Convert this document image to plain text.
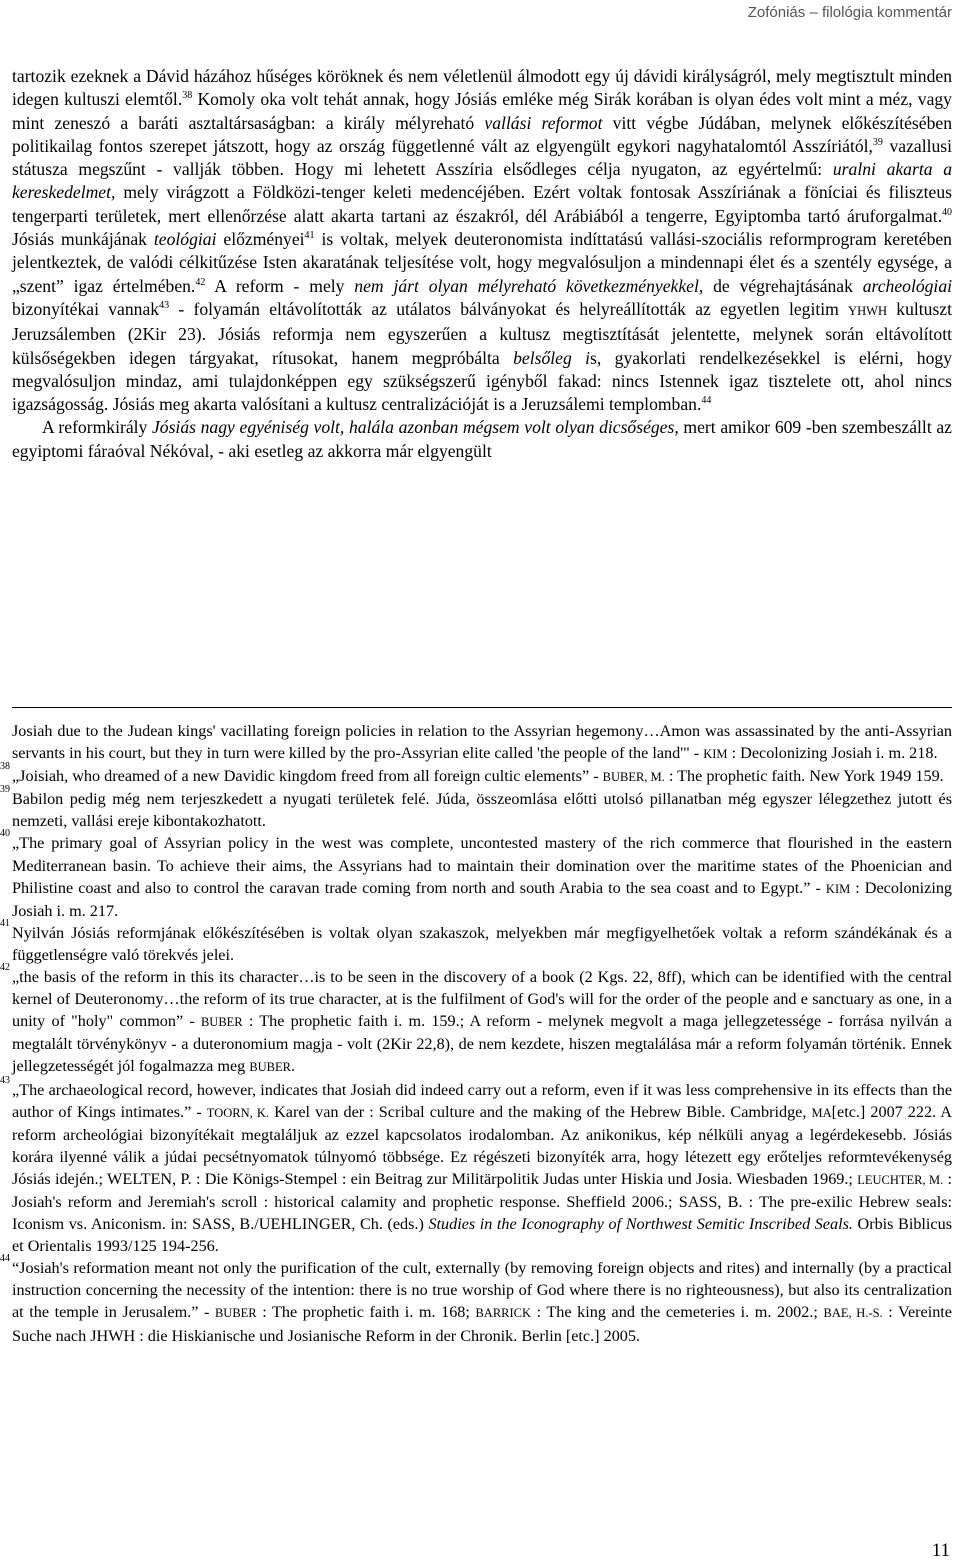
Zofóniás – filológia kommentár

tartozik ezeknek a Dávid házához hűséges köröknek és nem véletlenül álmodott egy új dávidi királyságról, mely megtisztult minden idegen kultuszi elemtől.$^{38}$ Komoly oka volt tehát annak, hogy Jósiás emléke még Sirák korában is olyan édes volt mint a méz, vagy mint zeneszó a baráti asztaltársaságban: a király mélyreható vallási reformot vitt végbe Júdában, melynek előkészítésében politikailag fontos szerepet játszott, hogy az ország függetlenné vált az elgyengült egykori nagyhatalomtól Asszíriától,$^{39}$ vazallusi státusza megszűnt - vallják többen. Hogy mi lehetett Asszíria elsődleges célja nyugaton, az egyértelmű: uralni akarta a kereskedelmet, mely virágzott a Földközi-tenger keleti medencéjében. Ezért voltak fontosak Asszíriának a föníciai és filiszteus tengerparti területek, mert ellenőrzése alatt akarta tartani az északról, dél Arábiából a tengerre, Egyiptomba tartó áruforgalmat.$^{40}$ Jósiás munkájának teológiai előzményei$^{41}$ is voltak, melyek deuteronomista indíttatású vallási-szociális reformprogram keretében jelentkeztek, de valódi célkitűzése Isten akaratának teljesítése volt, hogy megvalósuljon a mindennapi élet és a szentély egysége, a „szent” igaz értelmében.$^{42}$ A reform - mely nem járt olyan mélyreható következményekkel, de végrehajtásának archeológiai bizonyítékai vannak$^{43}$ - folyamán eltávolították az utálatos bálványokat és helyreállították az egyetlen legitim YHWH kultuszt Jeruzsálemben (2Kir 23). Jósiás reformja nem egyszerűen a kultusz megtisztítását jelentette, melynek során eltávolított külsőségekben idegen tárgyakat, rítusokat, hanem megpróbálta belsőleg is, gyakorlati rendelkezésekkel is elérni, hogy megvalósuljon mindaz, ami tulajdonképpen egy szükségszerű igényből fakad: nincs Istennek igaz tisztelete ott, ahol nincs igazságosság. Jósiás meg akarta valósítani a kultusz centralizációját is a Jeruzsálemi templomban.$^{44}$

A reformkirály Jósiás nagy egyéniség volt, halála azonban mégsem volt olyan dicsőséges, mert amikor 609 -ben szembeszállt az egyiptomi fáraóval Nékóval, - aki esetleg az akkorra már elgyengült

Josiah due to the Judean kings' vacillating foreign policies in relation to the Assyrian hegemony…Amon was assassinated by the anti-Assyrian servants in his court, but they in turn were killed by the pro-Assyrian elite called 'the people of the land'" - KIM : Decolonizing Josiah i. m. 218.

38
„Joisiah, who dreamed of a new Davidic kingdom freed from all foreign cultic elements” - BUBER, M. : The prophetic faith. New York 1949 159.

39
Babilon pedig még nem terjeszkedett a nyugati területek felé. Júda, összeomlása előtti utolsó pillanatban még egyszer lélegzethez jutott és nemzeti, vallási ereje kibontakozhatott.

40
„The primary goal of Assyrian policy in the west was complete, uncontested mastery of the rich commerce that flourished in the eastern Mediterranean basin. To achieve their aims, the Assyrians had to maintain their domination over the maritime states of the Phoenician and Philistine coast and also to control the caravan trade coming from north and south Arabia to the sea coast and to Egypt.” - KIM : Decolonizing Josiah i. m. 217.

41
Nyilván Jósiás reformjának előkészítésében is voltak olyan szakaszok, melyekben már megfigyelhetőek voltak a reform szándékának és a függetlenségre való törekvés jelei.

42
„the basis of the reform in this its character…is to be seen in the discovery of a book (2 Kgs. 22, 8ff), which can be identified with the central kernel of Deuteronomy…the reform of its true character, at is the fulfilment of God's will for the order of the people and e sanctuary as one, in a unity of "holy" common” - BUBER : The prophetic faith i. m. 159.; A reform - melynek megvolt a maga jellegzetessége - forrása nyilván a megtalált törvénykönyv - a duteronomium magja - volt (2Kir 22,8), de nem kezdete, hiszen megtalálása már a reform folyamán történik. Ennek jellegzetességét jól fogalmazza meg BUBER.

43
„The archaeological record, however, indicates that Josiah did indeed carry out a reform, even if it was less comprehensive in its effects than the author of Kings intimates.” - TOORN, K. Karel van der : Scribal culture and the making of the Hebrew Bible. Cambridge, MA[etc.] 2007 222. A reform archeológiai bizonyítékait megtaláljuk az ezzel kapcsolatos irodalomban. Az anikonikus, kép nélküli anyag a legérdekesebb. Jósiás korára ilyenné válik a júdai pecsétnyomatok túlnyomó többsége. Ez régészeti bizonyíték arra, hogy létezett egy erőteljes reformtevékenység Jósiás idején.; WELTEN, P. : Die Königs-Stempel : ein Beitrag zur Militärpolitik Judas unter Hiskia und Josia. Wiesbaden 1969.; LEUCHTER, M. : Josiah's reform and Jeremiah's scroll : historical calamity and prophetic response. Sheffield 2006.; SASS, B. : The pre-exilic Hebrew seals: Iconism vs. Aniconism. in: SASS, B./UEHLINGER, Ch. (eds.) Studies in the Iconography of Northwest Semitic Inscribed Seals. Orbis Biblicus et Orientalis 1993/125 194-256.

44
“Josiah's reformation meant not only the purification of the cult, externally (by removing foreign objects and rites) and internally (by a practical instruction concerning the necessity of the intention: there is no true worship of God where there is no righteousness), but also its centralization at the temple in Jerusalem.” - BUBER : The prophetic faith i. m. 168; BARRICK : The king and the cemeteries i. m. 2002.; BAE, H.-S. : Vereinte Suche nach JHWH : die Hiskianische und Josianische Reform in der Chronik. Berlin [etc.] 2005.

11
